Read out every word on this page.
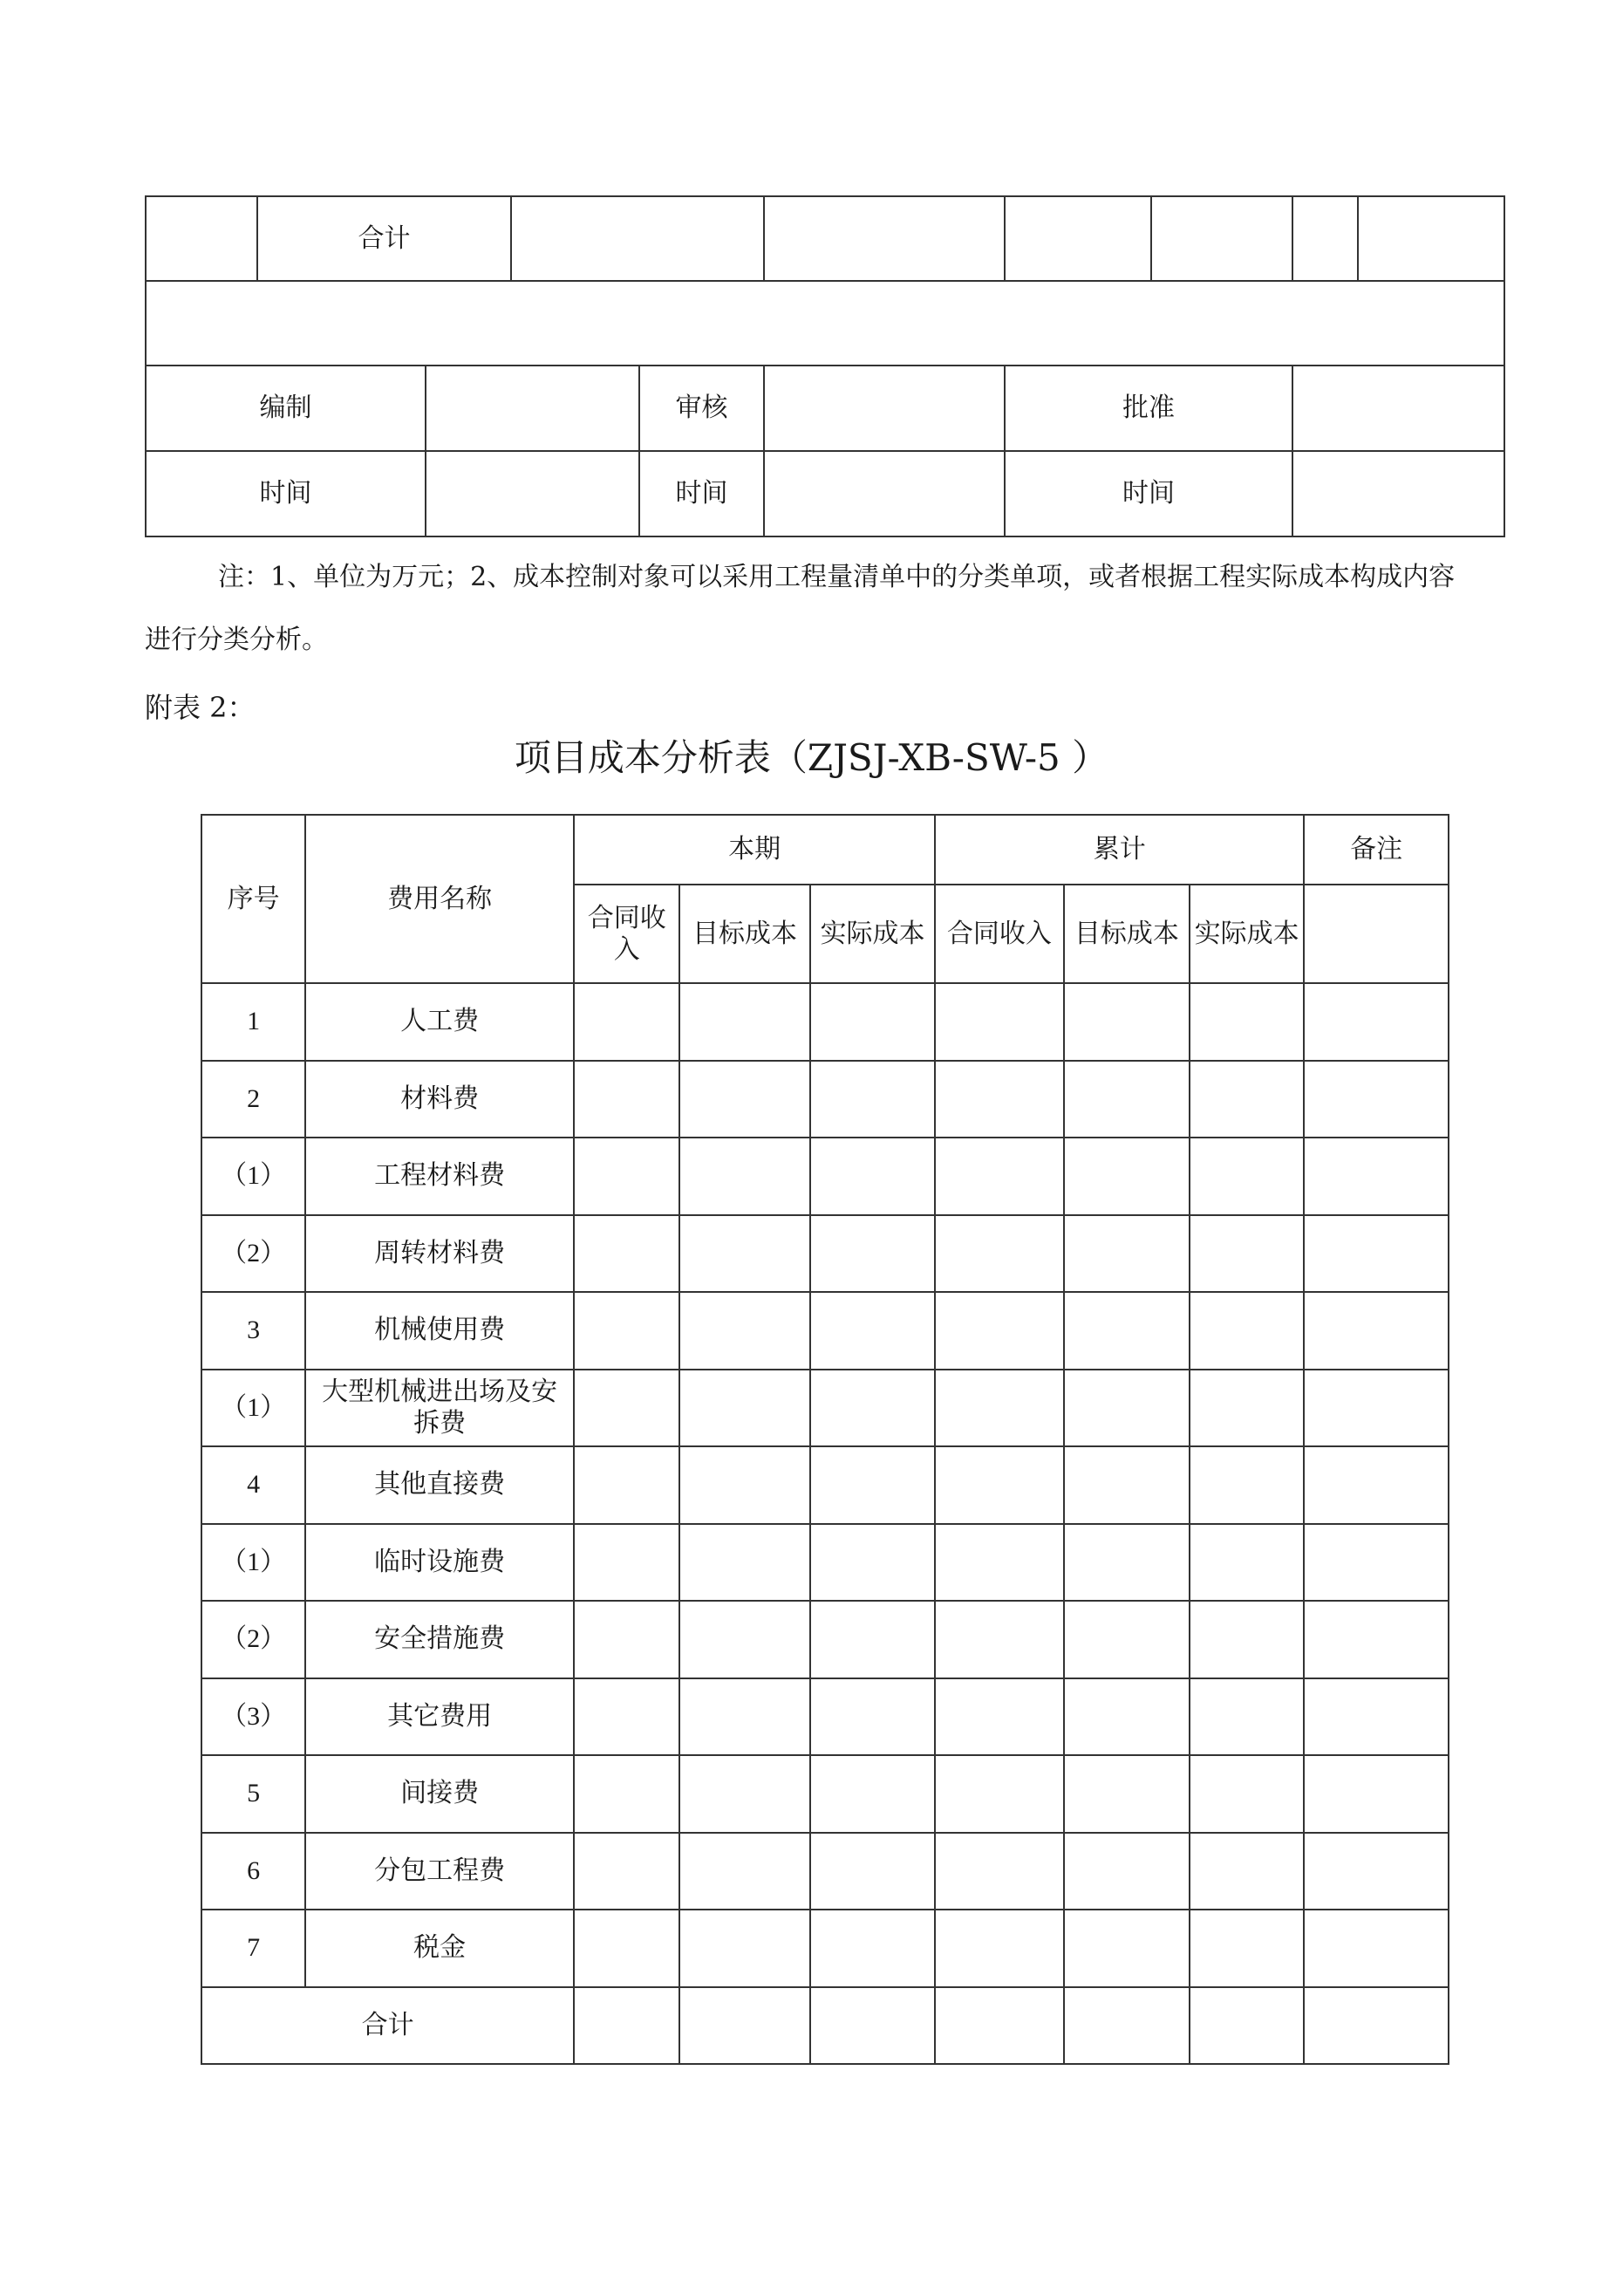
	合计								

编制				审核		批准			
时间				时间		时间			
注：1、单位为万元；2、成本控制对象可以采用工程量清单中的分类单项，或者根据工程实际成本构成内容
进行分类分析。
附表 2：
项目成本分析表（ZJSJ-XB-SW-5 ）
序号	费用名称	本期			累计			备注
		合同收入	目标成本	实际成本	合同收入	目标成本	实际成本	
1	人工费							
2	材料费							
（1）	工程材料费							
（2）	周转材料费							
3	机械使用费							
（1）	大型机械进出场及安拆费							
4	其他直接费							
（1）	临时设施费							
（2）	安全措施费							
（3）	其它费用							
5	间接费							
6	分包工程费							
7	税金							
合计								
